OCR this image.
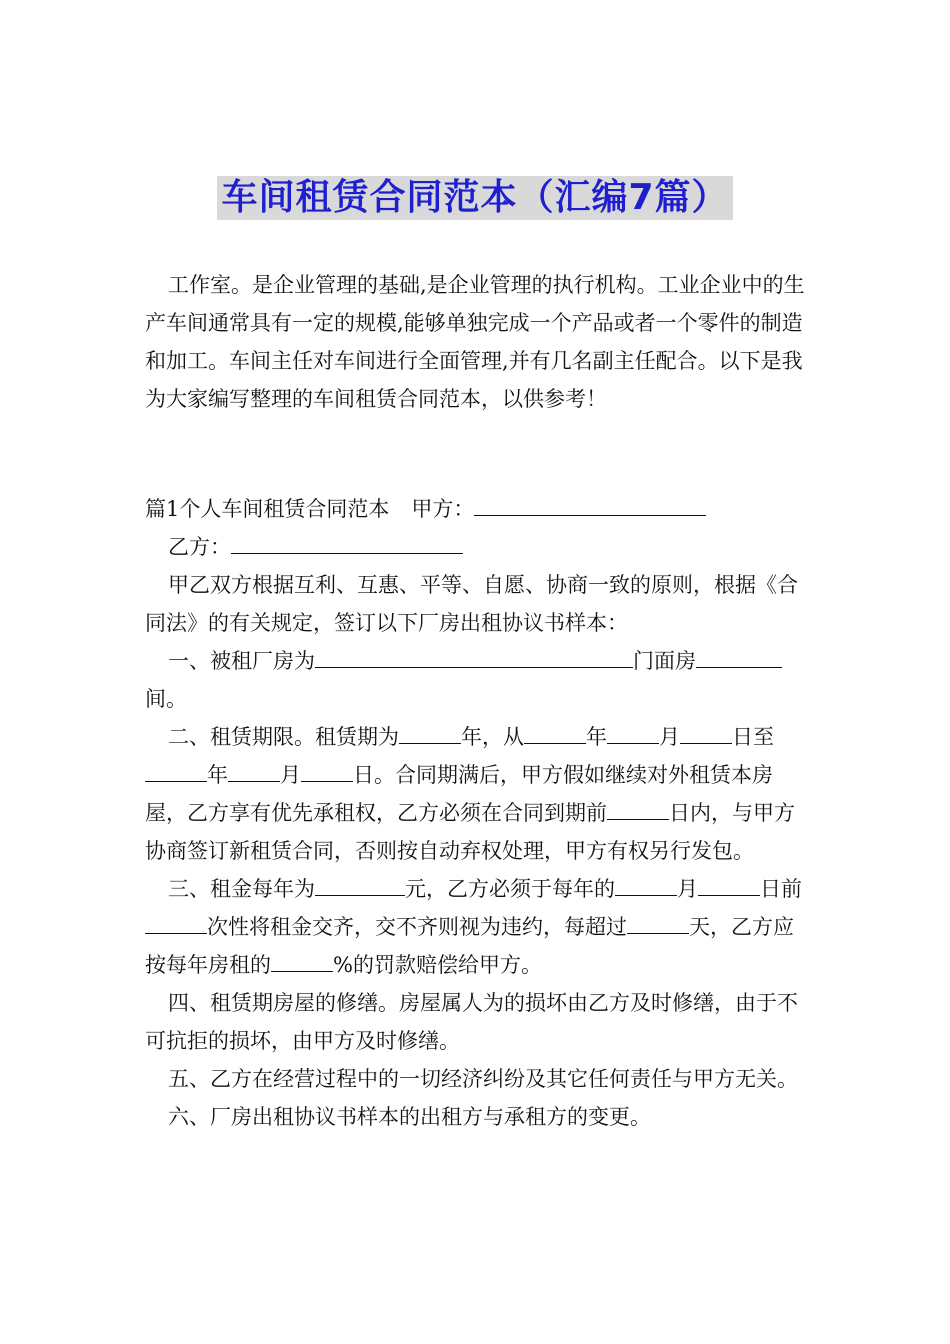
车间租赁合同范本（汇编7篇）

工作室。是企业管理的基础,是企业管理的执行机构。工业企业中的生产车间通常具有一定的规模,能够单独完成一个产品或者一个零件的制造和加工。车间主任对车间进行全面管理,并有几名副主任配合。以下是我为大家编写整理的车间租赁合同范本，以供参考！

篇1个人车间租赁合同范本 甲方：

乙方：

甲乙双方根据互利、互惠、平等、自愿、协商一致的原则，根据《合同法》的有关规定，签订以下厂房出租协议书样本：

一、被租厂房为	门面房间。

二、租赁期限。租赁期为	年，从	年 月 日至年 月 日。合同期满后，甲方假如继续对外租赁本房屋，乙方享有优先承租权，乙方必须在合同到期前	日内，与甲方协商签订新租赁合同，否则按自动弃权处理，甲方有权另行发包。

三、租金每年为	元，乙方必须于每年的	月	日前次性将租金交齐，交不齐则视为违约，每超过	天，乙方应按每年房租的	%的罚款赔偿给甲方。

四、租赁期房屋的修缮。房屋属人为的损坏由乙方及时修缮，由于不可抗拒的损坏，由甲方及时修缮。

五、乙方在经营过程中的一切经济纠纷及其它任何责任与甲方无关。

六、厂房出租协议书样本的出租方与承租方的变更。
